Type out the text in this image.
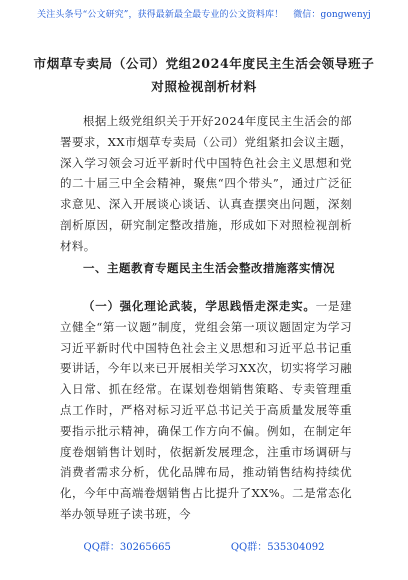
关注头条号“公文研究”，获得最新最全最专业的公文资料库！ 微信：gongwenyj
市烟草专卖局（公司）党组2024年度民主生活会领导班子
对照检视剖析材料

根据上级党组织关于开好2024年度民主生活会的部署要求，XX市烟草专卖局（公司）党组紧扣会议主题，深入学习领会习近平新时代中国特色社会主义思想和党的二十届三中全会精神，聚焦“四个带头”，通过广泛征求意见、深入开展谈心谈话、认真查摆突出问题，深刻剖析原因，研究制定整改措施，形成如下对照检视剖析材料。

一、主题教育专题民主生活会整改措施落实情况

（一）强化理论武装，学思践悟走深走实。一是建立健全“第一议题”制度，党组会第一项议题固定为学习习近平新时代中国特色社会主义思想和习近平总书记重要讲话，今年以来已开展相关学习XX次，切实将学习融入日常、抓在经常。在谋划卷烟销售策略、专卖管理重点工作时，严格对标习近平总书记关于高质量发展等重要指示批示精神，确保工作方向不偏。例如，在制定年度卷烟销售计划时，依据新发展理念，注重市场调研与消费者需求分析，优化品牌布局，推动销售结构持续优化，今年中高端卷烟销售占比提升了XX%。二是常态化举办领导班子读书班，今

QQ群：30265665	QQ群：535304092
